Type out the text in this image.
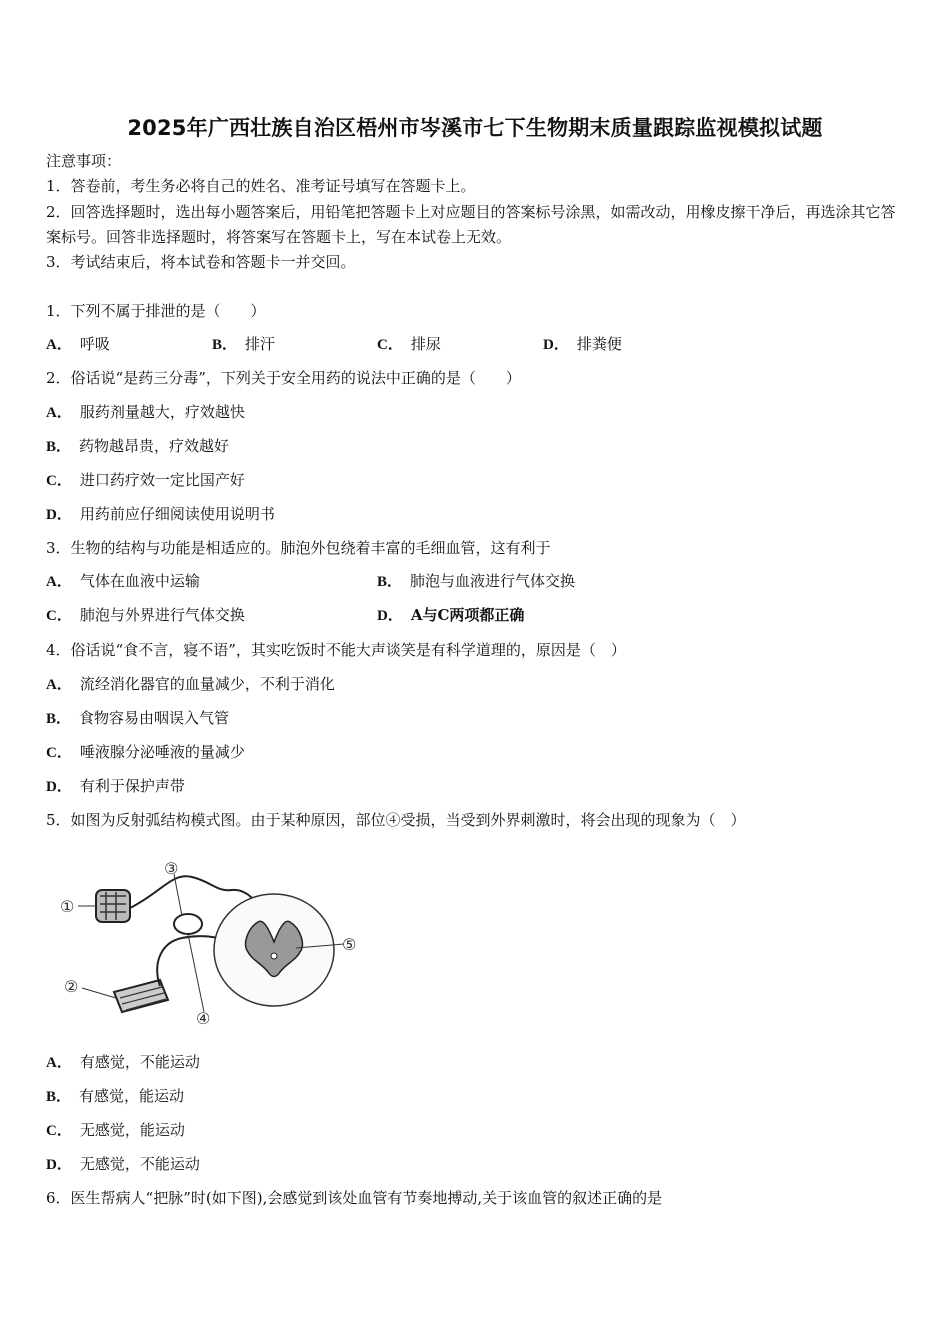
2025年广西壮族自治区梧州市岑溪市七下生物期末质量跟踪监视模拟试题
注意事项：
1．答卷前，考生务必将自己的姓名、准考证号填写在答题卡上。
2．回答选择题时，选出每小题答案后，用铅笔把答题卡上对应题目的答案标号涂黑，如需改动，用橡皮擦干净后，再选涂其它答案标号。回答非选择题时，将答案写在答题卡上，写在本试卷上无效。
3．考试结束后，将本试卷和答题卡一并交回。
1．下列不属于排泄的是（　　）
A． 呼吸	B． 排汗	C． 排尿	D． 排粪便
2．俗话说“是药三分毒”，下列关于安全用药的说法中正确的是（　　）
A． 服药剂量越大，疗效越快
B． 药物越昂贵，疗效越好
C． 进口药疗效一定比国产好
D． 用药前应仔细阅读使用说明书
3．生物的结构与功能是相适应的。肺泡外包绕着丰富的毛细血管，这有利于
A． 气体在血液中运输	B． 肺泡与血液进行气体交换
C． 肺泡与外界进行气体交换	D． A与C两项都正确
4．俗话说“食不言，寝不语”，其实吃饭时不能大声谈笑是有科学道理的，原因是（　）
A． 流经消化器官的血量减少，不利于消化
B． 食物容易由咽误入气管
C． 唾液腺分泌唾液的量减少
D． 有利于保护声带
5．如图为反射弧结构模式图。由于某种原因，部位④受损，当受到外界刺激时，将会出现的现象为（　）
①
②
③
④
⑤
A． 有感觉，不能运动
B． 有感觉，能运动
C． 无感觉，能运动
D． 无感觉，不能运动
6．医生帮病人“把脉”时(如下图),会感觉到该处血管有节奏地搏动,关于该血管的叙述正确的是
